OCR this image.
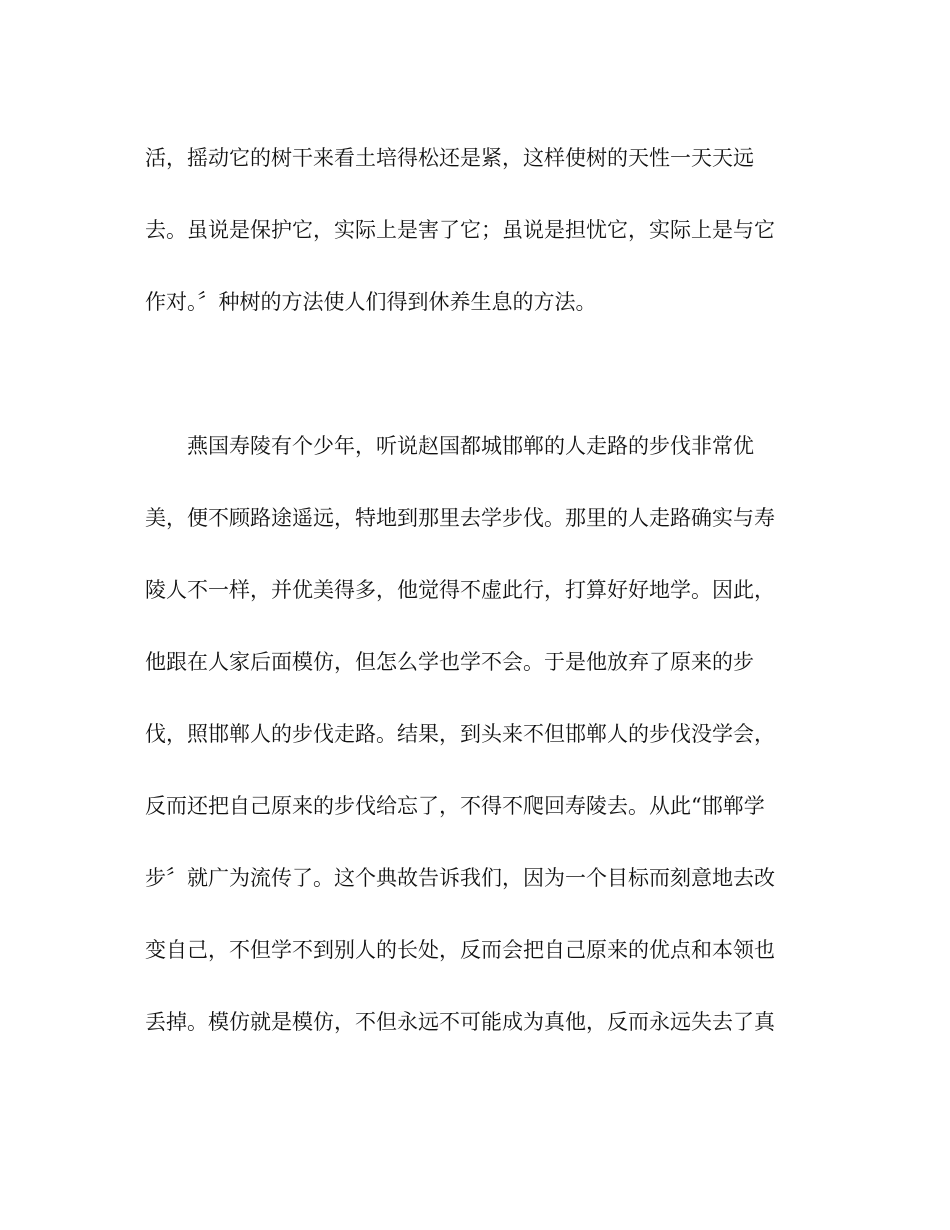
活，摇动它的树干来看土培得松还是紧，这样使树的天性一天天远
去。虽说是保护它，实际上是害了它；虽说是担忧它，实际上是与它
作对。〞种树的方法使人们得到休养生息的方法。
燕国寿陵有个少年，听说赵国都城邯郸的人走路的步伐非常优
美，便不顾路途遥远，特地到那里去学步伐。那里的人走路确实与寿
陵人不一样，并优美得多，他觉得不虚此行，打算好好地学。因此，
他跟在人家后面模仿，但怎么学也学不会。于是他放弃了原来的步
伐，照邯郸人的步伐走路。结果，到头来不但邯郸人的步伐没学会，
反而还把自己原来的步伐给忘了，不得不爬回寿陵去。从此“邯郸学
步〞就广为流传了。这个典故告诉我们，因为一个目标而刻意地去改
变自己，不但学不到别人的长处，反而会把自己原来的优点和本领也
丢掉。模仿就是模仿，不但永远不可能成为真他，反而永远失去了真
